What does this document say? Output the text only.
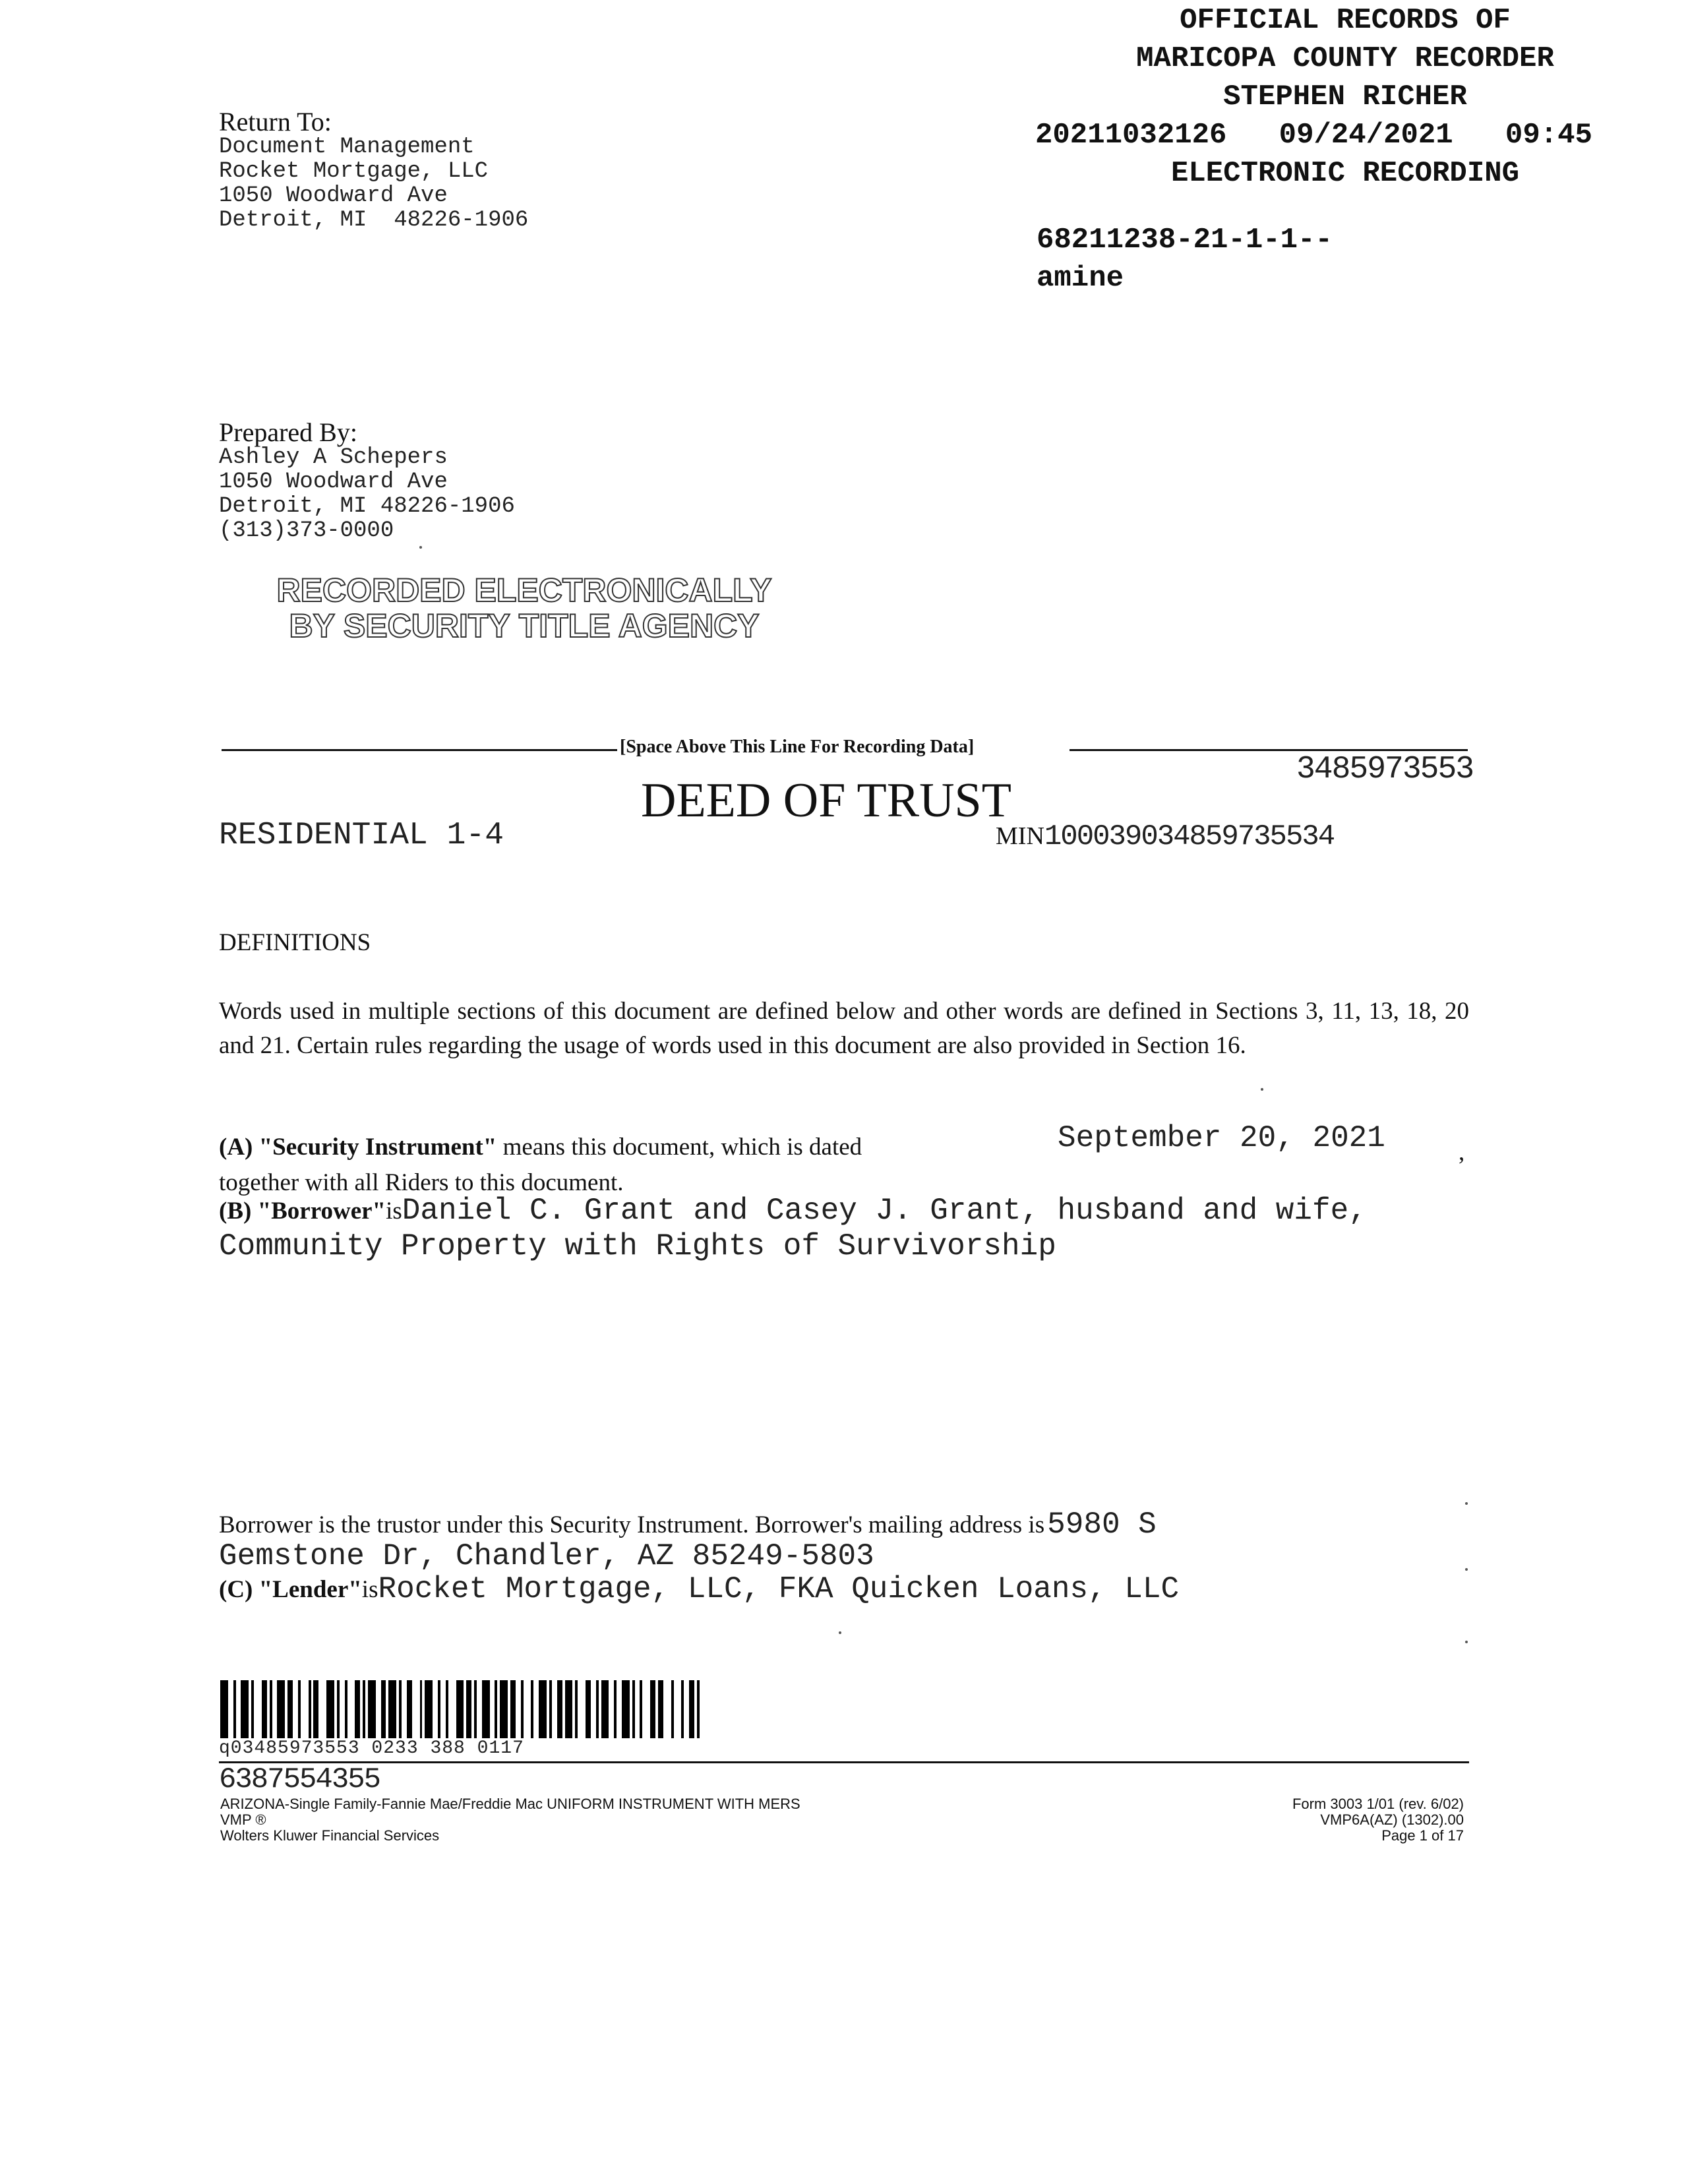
OFFICIAL RECORDS OF
MARICOPA COUNTY RECORDER
STEPHEN RICHER
20211032126   09/24/2021   09:45
ELECTRONIC RECORDING
68211238-21-1-1--
amine
Return To:
Document Management
Rocket Mortgage, LLC
1050 Woodward Ave
Detroit, MI  48226-1906
Prepared By:
Ashley A Schepers
1050 Woodward Ave
Detroit, MI 48226-1906
(313)373-0000
RECORDED ELECTRONICALLY
BY SECURITY TITLE AGENCY
[Space Above This Line For Recording Data]
3485973553
DEED OF TRUST
RESIDENTIAL 1-4	MIN100039034859735534
DEFINITIONS
Words used in multiple sections of this document are defined below and other words are defined in Sections 3, 11, 13, 18, 20 and 21. Certain rules regarding the usage of words used in this document are also provided in Section 16.
(A) "Security Instrument" means this document, which is dated	September 20, 2021	,
together with all Riders to this document.
(B) "Borrower"isDaniel C. Grant and Casey J. Grant, husband and wife,
Community Property with Rights of Survivorship
Borrower is the trustor under this Security Instrument. Borrower's mailing address is 5980 S
Gemstone Dr, Chandler, AZ 85249-5803
(C) "Lender"isRocket Mortgage, LLC, FKA Quicken Loans, LLC
q03485973553 0233 388 0117
6387554355
ARIZONA-Single Family-Fannie Mae/Freddie Mac UNIFORM INSTRUMENT WITH MERS
VMP ®
Wolters Kluwer Financial Services
Form 3003 1/01 (rev. 6/02)
VMP6A(AZ) (1302).00
Page 1 of 17
